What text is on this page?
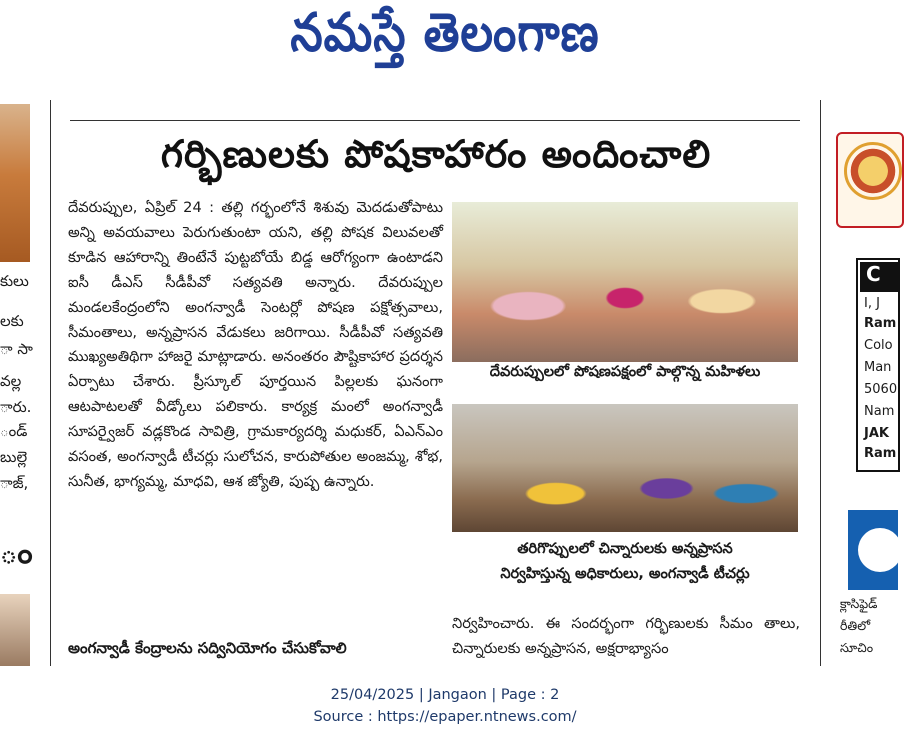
నమస్తే తెలంగాణ
కులు
లకు
ా సా
వల్ల
ారు.
ండ్
బుల్లె
ాజ్,
ం
గర్భిణులకు పోషకాహారం అందించాలి

దేవరుప్పుల, ఏప్రిల్ 24 : తల్లి గర్భంలోనే శిశువు మెదడుతోపాటు అన్ని అవయవాలు పెరుగుతుంటా యని, తల్లి పోషక విలువలతో కూడిన ఆహారాన్ని తింటేనే పుట్టబోయే బిడ్డ ఆరోగ్యంగా ఉంటాడని ఐసీ డీఎస్ సీడీపీవో సత్యవతి అన్నారు. దేవరుప్పుల మండలకేంద్రంలోని అంగన్వాడీ సెంటర్లో పోషణ పక్షోత్సవాలు, సీమంతాలు, అన్నప్రాసన వేడుకలు జరిగాయి. సీడీపీవో సత్యవతి ముఖ్యఅతిథిగా హాజరై మాట్లాడారు. అనంతరం పౌష్టికాహార ప్రదర్శన ఏర్పాటు చేశారు. ప్రీస్కూల్ పూర్తయిన పిల్లలకు ఘనంగా ఆటపాటలతో వీడ్కోలు పలికారు. కార్యక్ర మంలో అంగన్వాడీ సూపర్వైజర్ వడ్లకొండ సావిత్రి, గ్రామకార్యదర్శి మధుకర్, ఏఎన్ఎం వసంత, అంగన్వాడీ టీచర్లు సులోచన, కారుపోతుల అంజమ్మ, శోభ, సునీత, భాగ్యమ్మ, మాధవి, ఆశ జ్యోతి, పుష్ప ఉన్నారు.

అంగన్వాడీ కేంద్రాలను సద్వినియోగం చేసుకోవాలి
దేవరుప్పులలో పోషణపక్షంలో పాల్గొన్న మహిళలు
తరిగొప్పులలో చిన్నారులకు అన్నప్రాసన
నిర్వహిస్తున్న అధికారులు, అంగన్వాడీ టీచర్లు

నిర్వహించారు. ఈ సందర్భంగా గర్భిణులకు సీమం తాలు, చిన్నారులకు అన్నప్రాసన, అక్షరాభ్యాసం

C
I, J
Ram
Colo
Man
5060
Nam
JAK
Ram
క్లాసిఫైడ్
రీతిలో
సూచిం
25/04/2025 | Jangaon | Page : 2
Source : https://epaper.ntnews.com/
